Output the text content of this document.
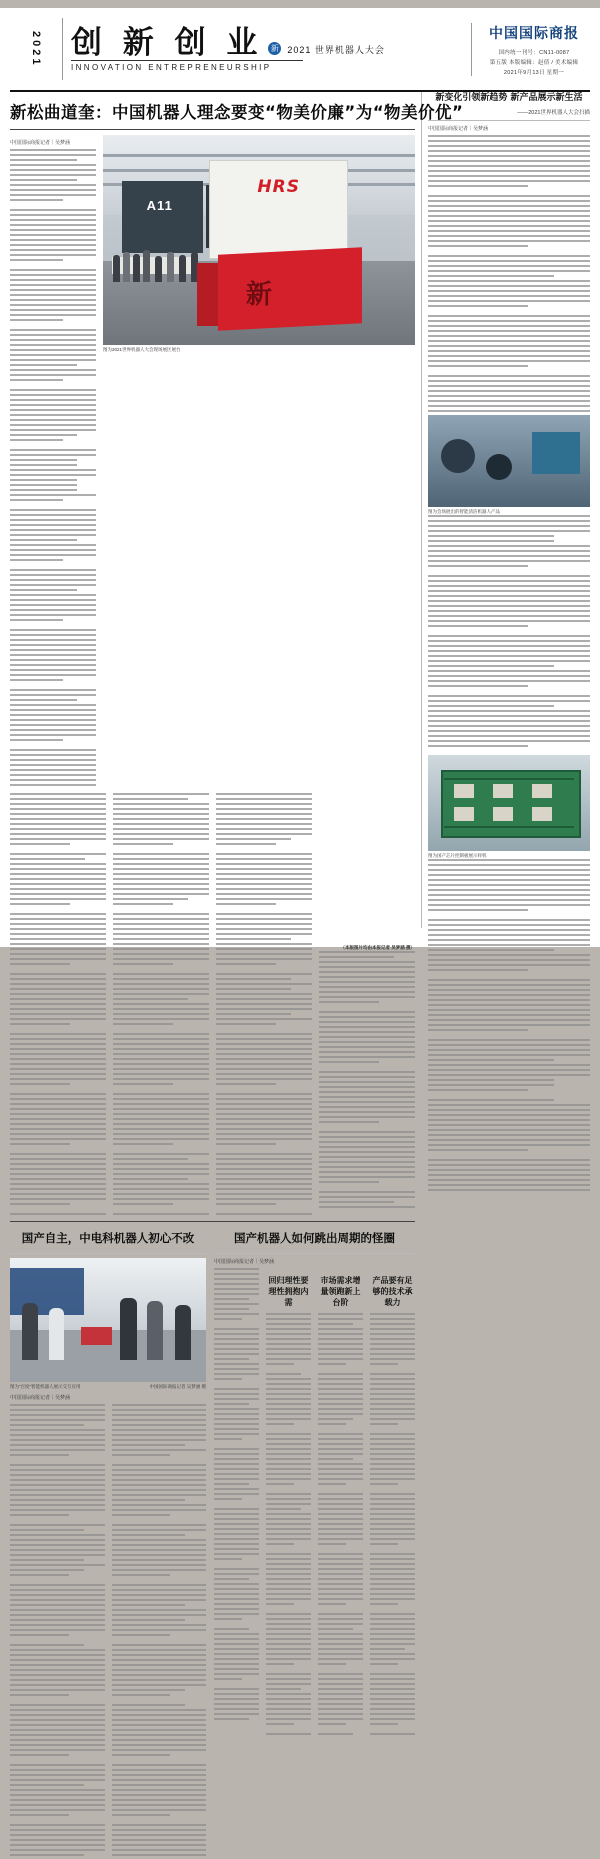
2021 创 新 创 业	新 2021 世界机器人大会
INNOVATION ENTREPRENEURSHIP
中国国际商报
国内统一刊号：CN11-0087
第五版 本版编辑：赵倩 / 美术编辑
2021年9月13日 星期一
新松曲道奎：中国机器人理念要变“物美价廉”为“物美价优”
中国国际商报记者｜吴梦涵
HRS
A11
新
图为2021世界机器人大会现场展区展台
（本版图片均由本报记者 吴梦涵 摄）
国产自主，中电科机器人初心不改
图为“百度”智能机器人展示交互应用	中国国际商报记者 吴梦涵 摄
中国国际商报记者｜吴梦涵
国产机器人如何跳出周期的怪圈
中国国际商报记者｜吴梦涵
回归理性要理性拥抱内需
市场需求增量领跑新上台阶
产品要有足够的技术承载力
新变化引领新趋势 新产品展示新生活
——2021世界机器人大会扫描
中国国际商报记者｜吴梦涵
图为会场展出的智能清洁机器人产品
图为国产芯片控制板展示样机
